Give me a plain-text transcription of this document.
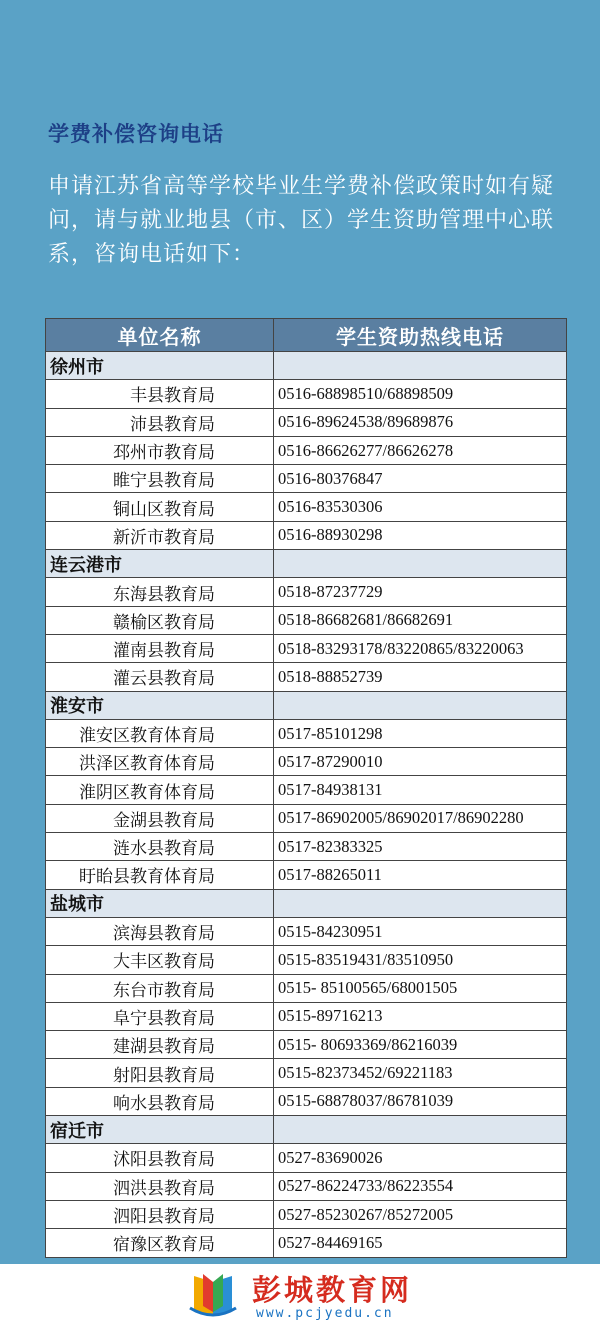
学费补偿咨询电话

申请江苏省高等学校毕业生学费补偿政策时如有疑问，请与就业地县（市、区）学生资助管理中心联系，咨询电话如下：

单位名称	学生资助热线电话
徐州市	
丰县教育局	0516-68898510/68898509
沛县教育局	0516-89624538/89689876
邳州市教育局	0516-86626277/86626278
睢宁县教育局	0516-80376847
铜山区教育局	0516-83530306
新沂市教育局	0516-88930298
连云港市	
东海县教育局	0518-87237729
赣榆区教育局	0518-86682681/86682691
灌南县教育局	0518-83293178/83220865/83220063
灌云县教育局	0518-88852739
淮安市	
淮安区教育体育局	0517-85101298
洪泽区教育体育局	0517-87290010
淮阴区教育体育局	0517-84938131
金湖县教育局	0517-86902005/86902017/86902280
涟水县教育局	0517-82383325
盱眙县教育体育局	0517-88265011
盐城市	
滨海县教育局	0515-84230951
大丰区教育局	0515-83519431/83510950
东台市教育局	0515- 85100565/68001505
阜宁县教育局	0515-89716213
建湖县教育局	0515- 80693369/86216039
射阳县教育局	0515-82373452/69221183
响水县教育局	0515-68878037/86781039
宿迁市	
沭阳县教育局	0527-83690026
泗洪县教育局	0527-86224733/86223554
泗阳县教育局	0527-85230267/85272005
宿豫区教育局	0527-84469165
彭城教育网
www.pcjyedu.cn
